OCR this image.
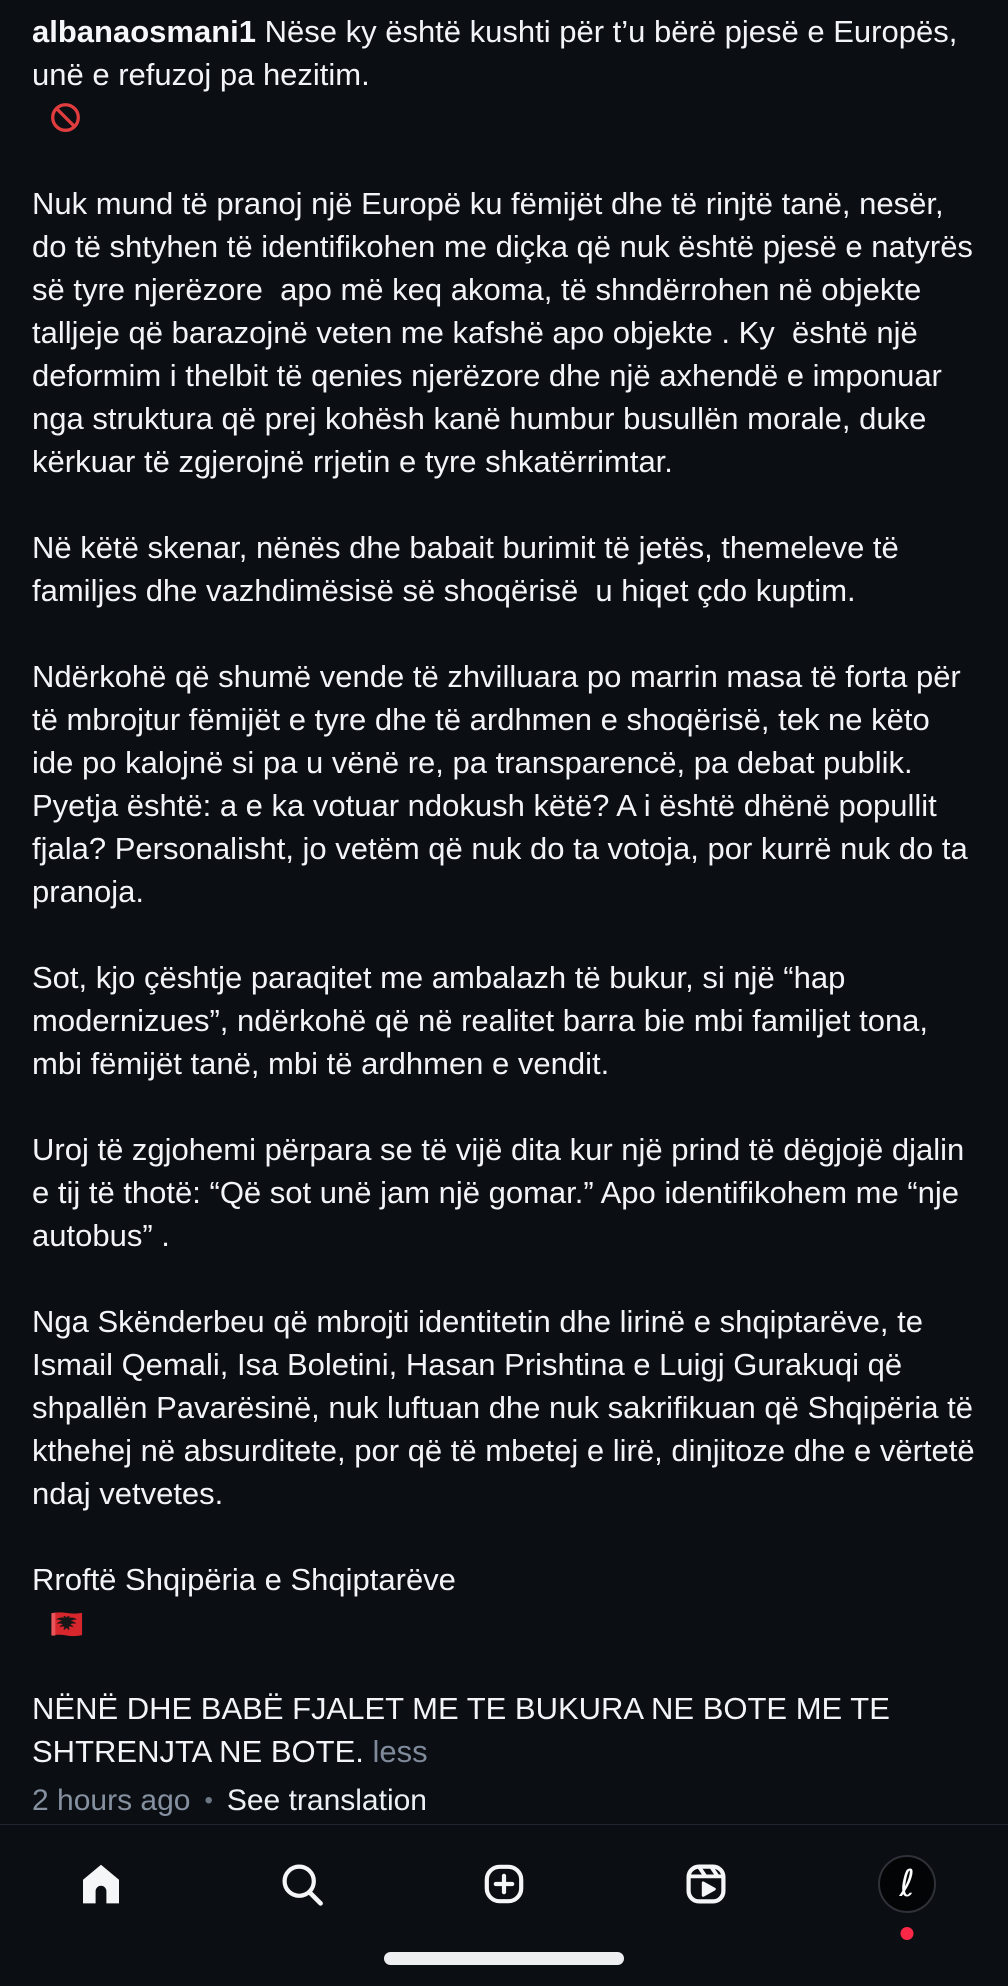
albanaosmani1 Nëse ky është kushti për t’u bërë pjesë e Europës, unë e refuzoj pa hezitim.

Nuk mund të pranoj një Europë ku fëmijët dhe të rinjtë tanë, nesër, do të shtyhen të identifikohen me diçka që nuk është pjesë e natyrës së tyre njerëzore  apo më keq akoma, të shndërrohen në objekte talljeje që barazojnë veten me kafshë apo objekte . Ky  është një deformim i thelbit të qenies njerëzore dhe një axhendë e imponuar nga struktura që prej kohësh kanë humbur busullën morale, duke kërkuar të zgjerojnë rrjetin e tyre shkatërrimtar.

Në këtë skenar, nënës dhe babait burimit të jetës, themeleve të familjes dhe vazhdimësisë së shoqërisë  u hiqet çdo kuptim.

Ndërkohë që shumë vende të zhvilluara po marrin masa të forta për të mbrojtur fëmijët e tyre dhe të ardhmen e shoqërisë, tek ne këto ide po kalojnë si pa u vënë re, pa transparencë, pa debat publik. Pyetja është: a e ka votuar ndokush këtë? A i është dhënë popullit fjala? Personalisht, jo vetëm që nuk do ta votoja, por kurrë nuk do ta pranoja.

Sot, kjo çështje paraqitet me ambalazh të bukur, si një “hap modernizues”, ndërkohë që në realitet barra bie mbi familjet tona, mbi fëmijët tanë, mbi të ardhmen e vendit.

Uroj të zgjohemi përpara se të vijë dita kur një prind të dëgjojë djalin e tij të thotë: “Që sot unë jam një gomar.” Apo identifikohem me “nje autobus” .

Nga Skënderbeu që mbrojti identitetin dhe lirinë e shqiptarëve, te Ismail Qemali, Isa Boletini, Hasan Prishtina e Luigj Gurakuqi që shpallën Pavarësinë, nuk luftuan dhe nuk sakrifikuan që Shqipëria të kthehej në absurditete, por që të mbetej e lirë, dinjitoze dhe e vërtetë ndaj vetvetes.

Rroftë Shqipëria e Shqiptarëve

NËNË DHE BABË FJALET ME TE BUKURA NE BOTE ME TE SHTRENJTA NE BOTE. less

2 hours ago • See translation
ℓ
